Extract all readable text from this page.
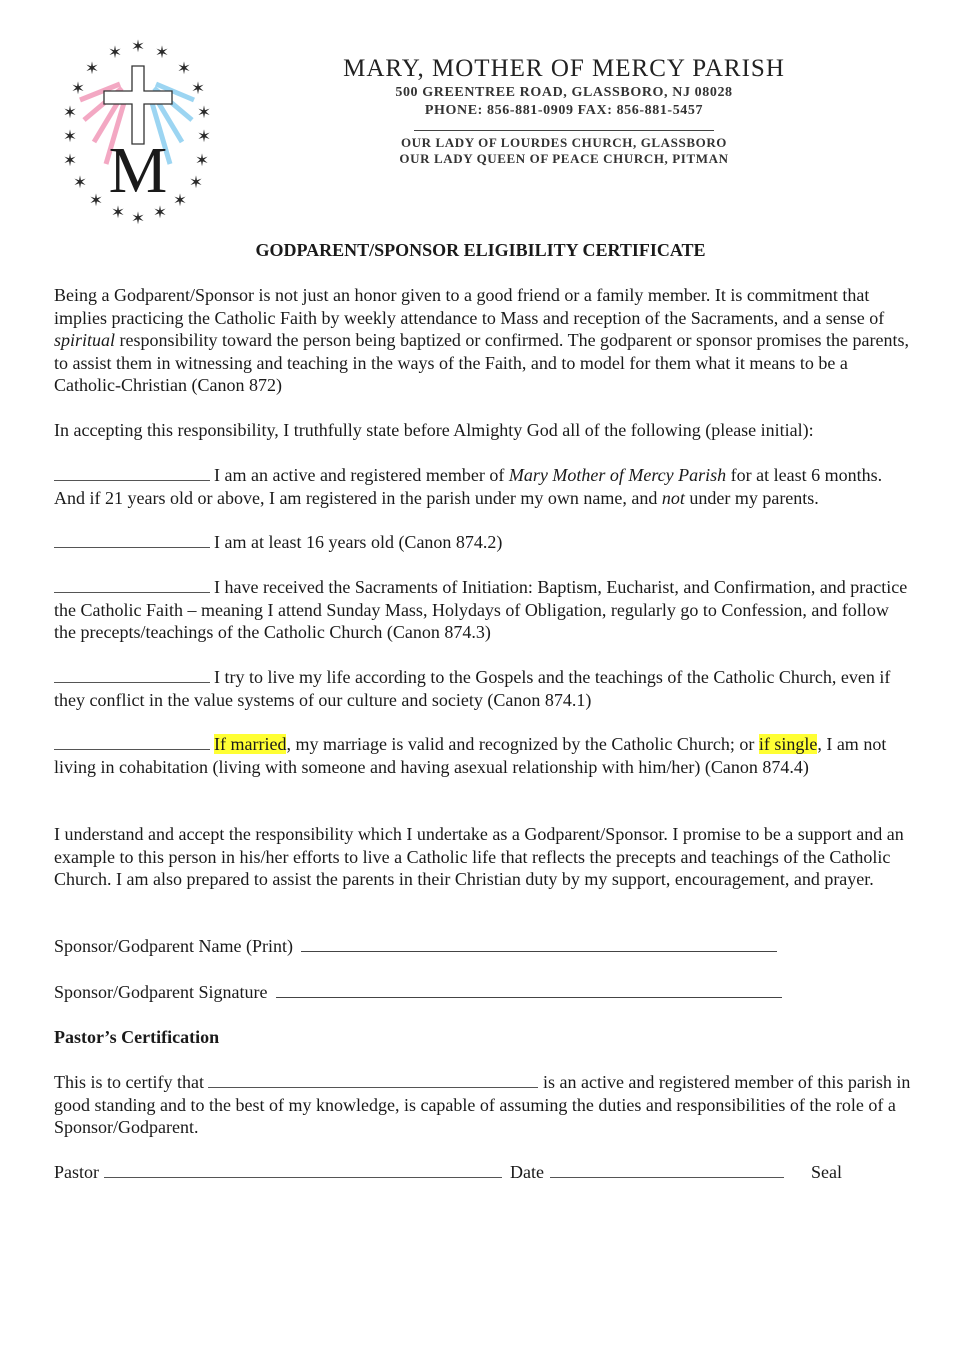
✶
✶ ✶
✶	✶
✶	✶
✶	✶
✶	✶
✶	✶
✶	✶
✶	✶
✶ ✶
✶
M
MARY, MOTHER OF MERCY PARISH
500 GREENTREE ROAD, GLASSBORO, NJ 08028
PHONE: 856-881-0909 FAX: 856-881-5457
OUR LADY OF LOURDES CHURCH, GLASSBORO
OUR LADY QUEEN OF PEACE CHURCH, PITMAN
GODPARENT/SPONSOR ELIGIBILITY CERTIFICATE

Being a Godparent/Sponsor is not just an honor given to a good friend or a family member. It is commitment that implies practicing the Catholic Faith by weekly attendance to Mass and reception of the Sacraments, and a sense of spiritual responsibility toward the person being baptized or confirmed. The godparent or sponsor promises the parents, to assist them in witnessing and teaching in the ways of the Faith, and to model for them what it means to be a Catholic-Christian (Canon 872)

In accepting this responsibility, I truthfully state before Almighty God all of the following (please initial):

I am an active and registered member of Mary Mother of Mercy Parish for at least 6 months. And if 21 years old or above, I am registered in the parish under my own name, and not under my parents.

I am at least 16 years old (Canon 874.2)

I have received the Sacraments of Initiation: Baptism, Eucharist, and Confirmation, and practice the Catholic Faith – meaning I attend Sunday Mass, Holydays of Obligation, regularly go to Confession, and follow the precepts/teachings of the Catholic Church (Canon 874.3)

I try to live my life according to the Gospels and the teachings of the Catholic Church, even if they conflict in the value systems of our culture and society (Canon 874.1)

If married, my marriage is valid and recognized by the Catholic Church; or if single, I am not living in cohabitation (living with someone and having asexual relationship with him/her) (Canon 874.4)

I understand and accept the responsibility which I undertake as a Godparent/Sponsor. I promise to be a support and an example to this person in his/her efforts to live a Catholic life that reflects the precepts and teachings of the Catholic Church. I am also prepared to assist the parents in their Christian duty by my support, encouragement, and prayer.

Sponsor/Godparent Name (Print)
Sponsor/Godparent Signature
Pastor’s Certification

This is to certify that	is an active and registered member of this parish in good standing and to the best of my knowledge, is capable of assuming the duties and responsibilities of the role of a Sponsor/Godparent.

Pastor	Date	Seal
